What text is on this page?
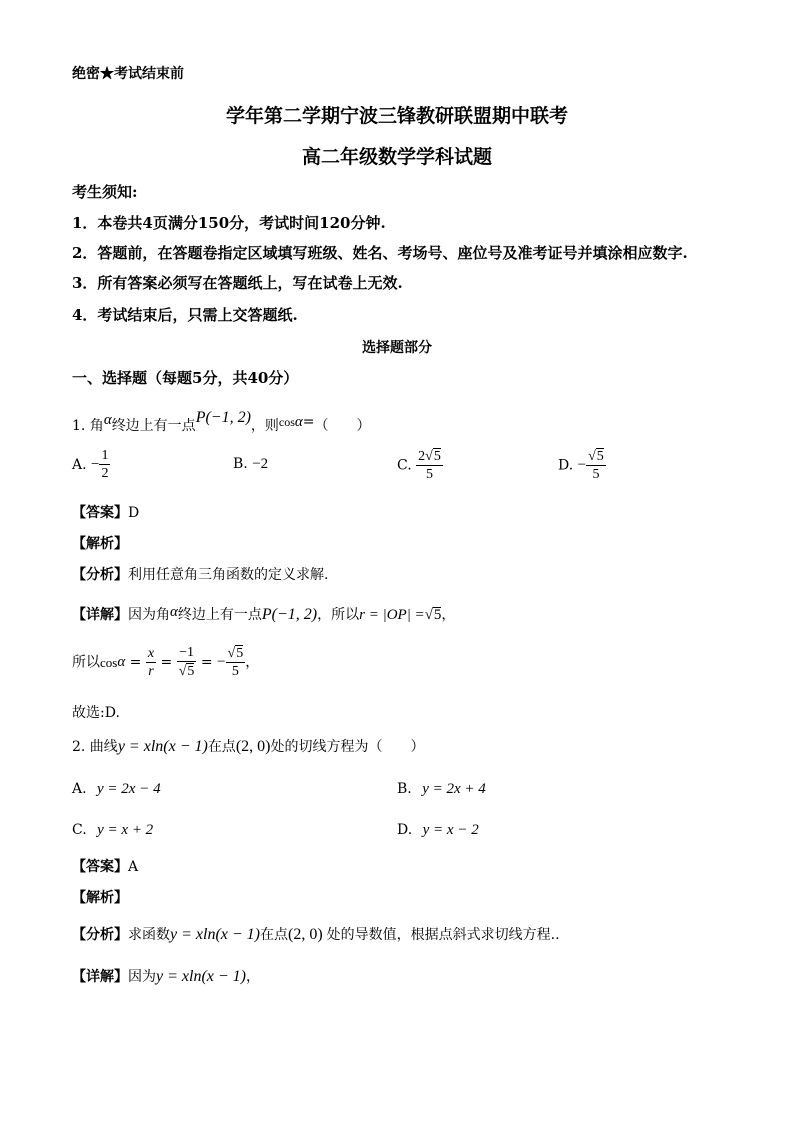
绝密★考试结束前
学年第二学期宁波三锋教研联盟期中联考
高二年级数学学科试题
考生须知:
1．本卷共4页满分150分，考试时间120分钟.
2．答题前，在答题卷指定区域填写班级、姓名、考场号、座位号及准考证号并填涂相应数字.
3．所有答案必须写在答题纸上，写在试卷上无效.
4．考试结束后，只需上交答题纸.
选择题部分
一、选择题（每题5分，共40分）
1. 角$^\alpha$终边上有一点$^{P(-1, 2)}$，则cosα=（　　）
A. − $\frac{1}{2}$	B. −2	C. $\frac{2√5}{5}$	D. − $\frac{√5}{5}$
【答案】D
【解析】
【分析】利用任意角三角函数的定义求解.
【详解】因为角α终边上有一点P(−1, 2)，所以r = |OP| =√5，
所以$\cos\alpha = \frac{x}{r} = \frac{-1}{√5}$ = − $\frac{√5}{5}$ ，
故选:D.
2. 曲线y = xln(x − 1)在点(2, 0)处的切线方程为（　　）
A. y = 2x − 4	B. y = 2x + 4
C. y = x + 2	D. y = x − 2
【答案】A
【解析】
【分析】求函数y = xln(x − 1)在点(2, 0) 处的导数值，根据点斜式求切线方程..
【详解】因为y = xln(x − 1)，
